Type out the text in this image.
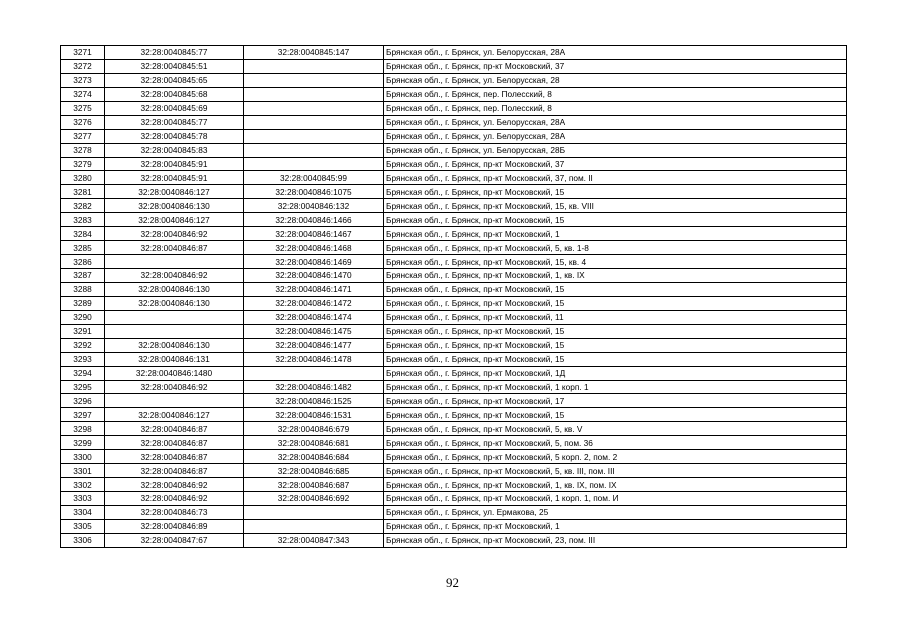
3271	32:28:0040845:77	32:28:0040845:147	Брянская обл., г. Брянск, ул. Белорусская, 28А
3272	32:28:0040845:51		Брянская обл., г. Брянск, пр-кт Московский, 37
3273	32:28:0040845:65		Брянская обл., г. Брянск, ул. Белорусская, 28
3274	32:28:0040845:68		Брянская обл., г. Брянск, пер. Полесский, 8
3275	32:28:0040845:69		Брянская обл., г. Брянск, пер. Полесский, 8
3276	32:28:0040845:77		Брянская обл., г. Брянск, ул. Белорусская, 28А
3277	32:28:0040845:78		Брянская обл., г. Брянск, ул. Белорусская, 28А
3278	32:28:0040845:83		Брянская обл., г. Брянск, ул. Белорусская, 28Б
3279	32:28:0040845:91		Брянская обл., г. Брянск, пр-кт Московский, 37
3280	32:28:0040845:91	32:28:0040845:99	Брянская обл., г. Брянск, пр-кт Московский, 37, пом. II
3281	32:28:0040846:127	32:28:0040846:1075	Брянская обл., г. Брянск, пр-кт Московский, 15
3282	32:28:0040846:130	32:28:0040846:132	Брянская обл., г. Брянск, пр-кт Московский, 15, кв. VIII
3283	32:28:0040846:127	32:28:0040846:1466	Брянская обл., г. Брянск, пр-кт Московский, 15
3284	32:28:0040846:92	32:28:0040846:1467	Брянская обл., г. Брянск, пр-кт Московский, 1
3285	32:28:0040846:87	32:28:0040846:1468	Брянская обл., г. Брянск, пр-кт Московский, 5, кв. 1-8
3286		32:28:0040846:1469	Брянская обл., г. Брянск, пр-кт Московский, 15, кв. 4
3287	32:28:0040846:92	32:28:0040846:1470	Брянская обл., г. Брянск, пр-кт Московский, 1, кв. IX
3288	32:28:0040846:130	32:28:0040846:1471	Брянская обл., г. Брянск, пр-кт Московский, 15
3289	32:28:0040846:130	32:28:0040846:1472	Брянская обл., г. Брянск, пр-кт Московский, 15
3290		32:28:0040846:1474	Брянская обл., г. Брянск, пр-кт Московский, 11
3291		32:28:0040846:1475	Брянская обл., г. Брянск, пр-кт Московский, 15
3292	32:28:0040846:130	32:28:0040846:1477	Брянская обл., г. Брянск, пр-кт Московский, 15
3293	32:28:0040846:131	32:28:0040846:1478	Брянская обл., г. Брянск, пр-кт Московский, 15
3294	32:28:0040846:1480		Брянская обл., г. Брянск, пр-кт Московский, 1Д
3295	32:28:0040846:92	32:28:0040846:1482	Брянская обл., г. Брянск, пр-кт Московский, 1 корп. 1
3296		32:28:0040846:1525	Брянская обл., г. Брянск, пр-кт Московский, 17
3297	32:28:0040846:127	32:28:0040846:1531	Брянская обл., г. Брянск, пр-кт Московский, 15
3298	32:28:0040846:87	32:28:0040846:679	Брянская обл., г. Брянск, пр-кт Московский, 5, кв. V
3299	32:28:0040846:87	32:28:0040846:681	Брянская обл., г. Брянск, пр-кт Московский, 5, пом. 36
3300	32:28:0040846:87	32:28:0040846:684	Брянская обл., г. Брянск, пр-кт Московский, 5 корп. 2, пом. 2
3301	32:28:0040846:87	32:28:0040846:685	Брянская обл., г. Брянск, пр-кт Московский, 5, кв. III, пом. III
3302	32:28:0040846:92	32:28:0040846:687	Брянская обл., г. Брянск, пр-кт Московский, 1, кв. IX, пом. IX
3303	32:28:0040846:92	32:28:0040846:692	Брянская обл., г. Брянск, пр-кт Московский, 1 корп. 1, пом. И
3304	32:28:0040846:73		Брянская обл., г. Брянск, ул. Ермакова, 25
3305	32:28:0040846:89		Брянская обл., г. Брянск, пр-кт Московский, 1
3306	32:28:0040847:67	32:28:0040847:343	Брянская обл., г. Брянск, пр-кт Московский, 23, пом. III
92
